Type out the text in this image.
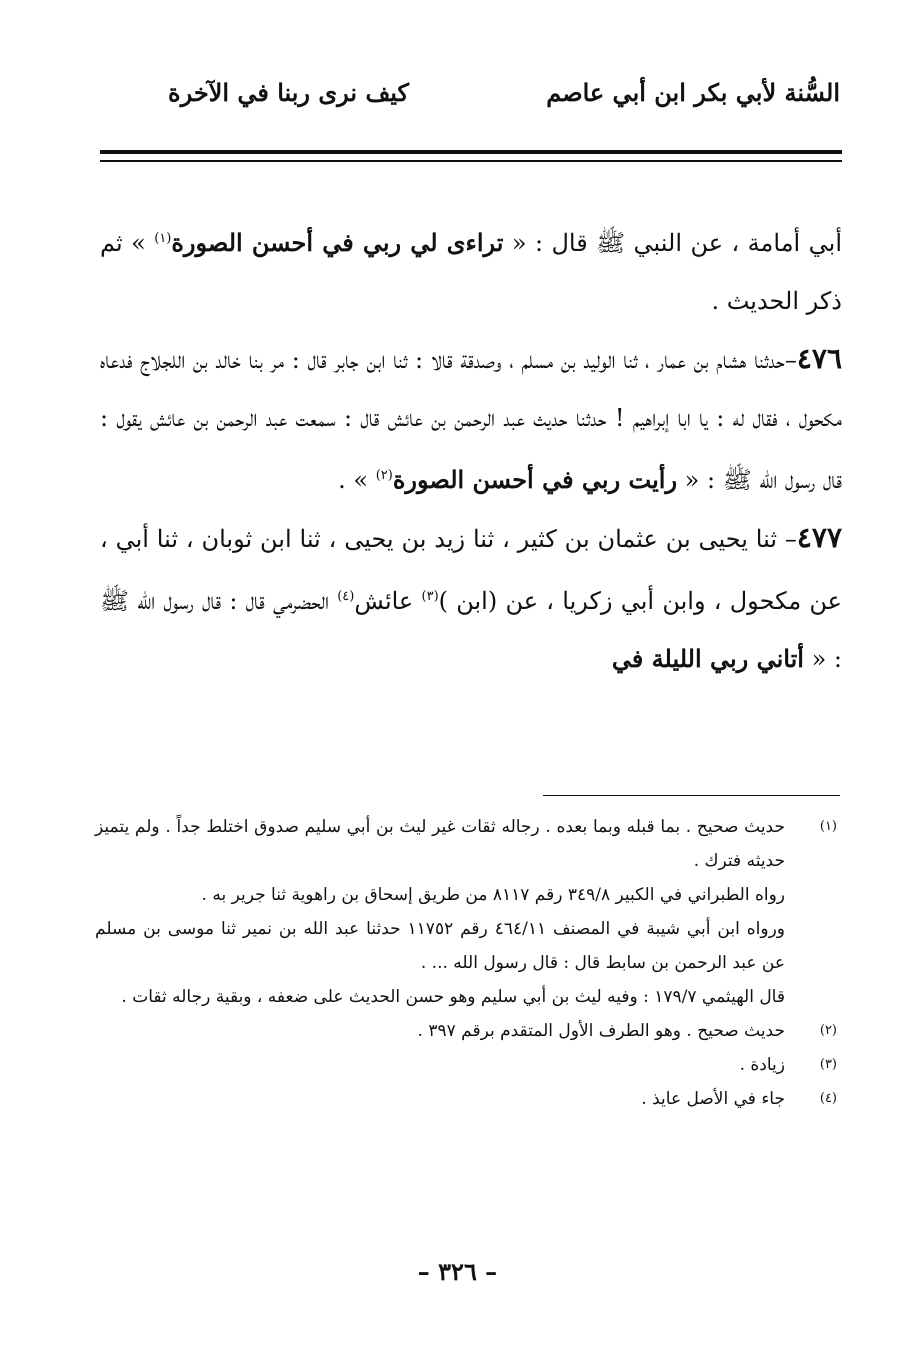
السُّنة لأبي بكر ابن أبي عاصم
كيف نرى ربنا في الآخرة

أبي أمامة ، عن النبي ﷺ قال : « تراءى لي ربي في أحسن الصورة$^{(١)}$ » ثم ذكر الحديث .

٤٧٦–حدثنا هشام بن عمار ، ثنا الوليد بن مسلم ، وصدقة قالا : ثنا ابن جابر قال : مر بنا خالد بن اللجلاج فدعاه مكحول ، فقال له : يا ابا إبراهيم ! حدثنا حديث عبد الرحمن بن عائش قال : سمعت عبد الرحمن بن عائش يقول : قال رسول الله ﷺ : « رأيت ربي في أحسن الصورة$^{(٢)}$ » .

٤٧٧– ثنا يحيى بن عثمان بن كثير ، ثنا زيد بن يحيى ، ثنا ابن ثوبان ، ثنا أبي ، عن مكحول ، وابن أبي زكريا ، عن (ابن )$^{(٣)}$ عائش$^{(٤)}$ الحضرمي قال : قال رسول الله ﷺ : « أتاني ربي الليلة في

(١)
حديث صحيح . بما قبله وبما بعده . رجاله ثقات غير ليث بن أبي سليم صدوق اختلط جداً . ولم يتميز حديثه فترك .
رواه الطبراني في الكبير ٣٤٩/٨ رقم ٨١١٧ من طريق إسحاق بن راهوية ثنا جرير به .
ورواه ابن أبي شيبة في المصنف ٤٦٤/١١ رقم ١١٧٥٢ حدثنا عبد الله بن نمير ثنا موسى بن مسلم عن عبد الرحمن بن سابط قال : قال رسول الله ... .
قال الهيثمي ١٧٩/٧ : وفيه ليث بن أبي سليم وهو حسن الحديث على ضعفه ، وبقية رجاله ثقات .
(٢)
حديث صحيح . وهو الطرف الأول المتقدم برقم ٣٩٧ .
(٣)
زيادة .
(٤)
جاء في الأصل عايذ .
– ٣٢٦ –
